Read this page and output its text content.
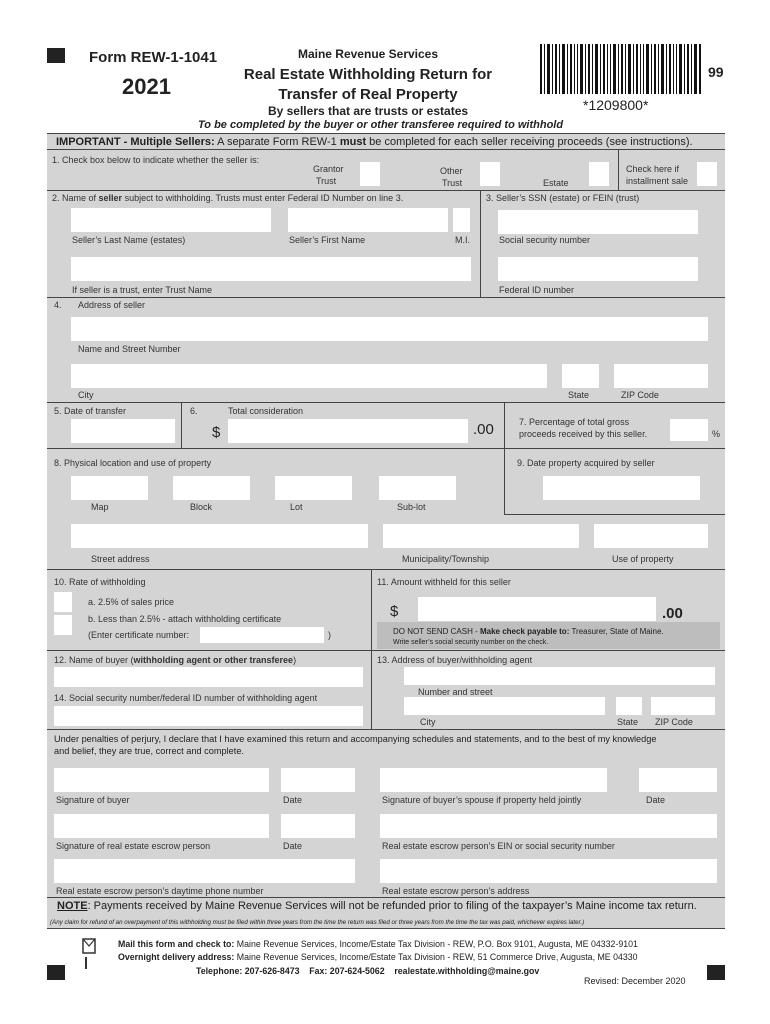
Form REW-1-1041
2021
Maine Revenue Services
Real Estate Withholding Return for
Transfer of Real Property
By sellers that are trusts or estates
To be completed by the buyer or other transferee required to withhold
*1209800*
99
IMPORTANT - Multiple Sellers: A separate Form REW-1 must be completed for each seller receiving proceeds (see instructions).
1. Check box below to indicate whether the seller is:
Grantor
Trust
Other
Trust	Estate
Check here if
installment sale
2. Name of seller subject to withholding. Trusts must enter Federal ID Number on line 3.	3. Seller’s SSN (estate) or FEIN (trust)
Seller’s Last Name (estates)	Seller’s First Name	M.I.	Social security number
If seller is a trust, enter Trust Name	Federal ID number
4. Address of seller
Name and Street Number
City	State	ZIP Code
5. Date of transfer	6.	Total consideration
$	.00	7. Percentage of total gross
proceeds received by this seller.	%
8. Physical location and use of property	9. Date property acquired by seller
Map	Block	Lot	Sub-lot
Street address	Municipality/Township	Use of property
10. Rate of withholding
a. 2.5% of sales price
b. Less than 2.5% - attach withholding certificate
(Enter certificate number:	)
11. Amount withheld for this seller
$	.00
DO NOT SEND CASH - Make check payable to: Treasurer, State of Maine.
Write seller’s social security number on the check.
12. Name of buyer (withholding agent or other transferee)	13. Address of buyer/withholding agent
Number and street
14. Social security number/federal ID number of withholding agent
City	State ZIP Code
Under penalties of perjury, I declare that I have examined this return and accompanying schedules and statements, and to the best of my knowledge
and belief, they are true, correct and complete.
Signature of buyer	Date	Signature of buyer’s spouse if property held jointly	Date
Signature of real estate escrow person	Date	Real estate escrow person’s EIN or social security number
Real estate escrow person’s daytime phone number	Real estate escrow person’s address
NOTE: Payments received by Maine Revenue Services will not be refunded prior to filing of the taxpayer’s Maine income tax return.
(Any claim for refund of an overpayment of this withholding must be filed within three years from the time the return was filed or three years from the time the tax was paid, whichever expires later.)
Mail this form and check to: Maine Revenue Services, Income/Estate Tax Division - REW, P.O. Box 9101, Augusta, ME 04332-9101
Overnight delivery address: Maine Revenue Services, Income/Estate Tax Division - REW, 51 Commerce Drive, Augusta, ME 04330
Telephone: 207-626-8473    Fax: 207-624-5062    realestate.withholding@maine.gov
Revised: December 2020
